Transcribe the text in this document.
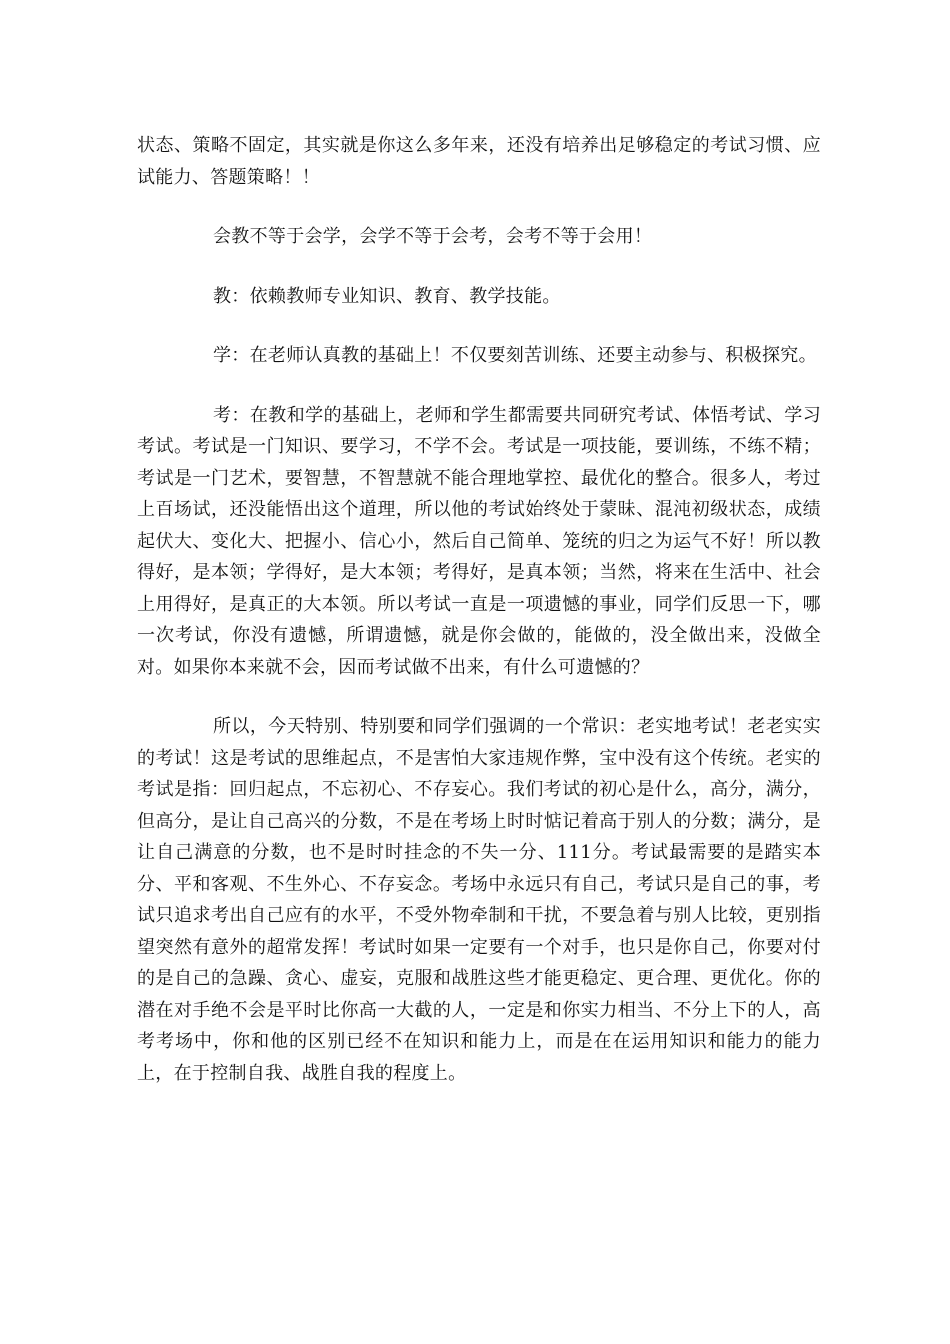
状态、策略不固定，其实就是你这么多年来，还没有培养出足够稳定的考试习惯、应试能力、答题策略！！

会教不等于会学，会学不等于会考，会考不等于会用！

教：依赖教师专业知识、教育、教学技能。

学：在老师认真教的基础上！不仅要刻苦训练、还要主动参与、积极探究。

考：在教和学的基础上，老师和学生都需要共同研究考试、体悟考试、学习考试。考试是一门知识、要学习，不学不会。考试是一项技能，要训练，不练不精；考试是一门艺术，要智慧，不智慧就不能合理地掌控、最优化的整合。很多人，考过上百场试，还没能悟出这个道理，所以他的考试始终处于蒙昧、混沌初级状态，成绩起伏大、变化大、把握小、信心小，然后自己简单、笼统的归之为运气不好！所以教得好，是本领；学得好，是大本领；考得好，是真本领；当然，将来在生活中、社会上用得好，是真正的大本领。所以考试一直是一项遗憾的事业，同学们反思一下，哪一次考试，你没有遗憾，所谓遗憾，就是你会做的，能做的，没全做出来，没做全对。如果你本来就不会，因而考试做不出来，有什么可遗憾的？

所以，今天特别、特别要和同学们强调的一个常识：老实地考试！老老实实的考试！这是考试的思维起点，不是害怕大家违规作弊，宝中没有这个传统。老实的考试是指：回归起点，不忘初心、不存妄心。我们考试的初心是什么，高分，满分，但高分，是让自己高兴的分数，不是在考场上时时惦记着高于别人的分数；满分，是让自己满意的分数，也不是时时挂念的不失一分、111分。考试最需要的是踏实本分、平和客观、不生外心、不存妄念。考场中永远只有自己，考试只是自己的事，考试只追求考出自己应有的水平，不受外物牵制和干扰，不要急着与别人比较，更别指望突然有意外的超常发挥！考试时如果一定要有一个对手，也只是你自己，你要对付的是自己的急躁、贪心、虚妄，克服和战胜这些才能更稳定、更合理、更优化。你的潜在对手绝不会是平时比你高一大截的人，一定是和你实力相当、不分上下的人，高考考场中，你和他的区别已经不在知识和能力上，而是在在运用知识和能力的能力上，在于控制自我、战胜自我的程度上。
